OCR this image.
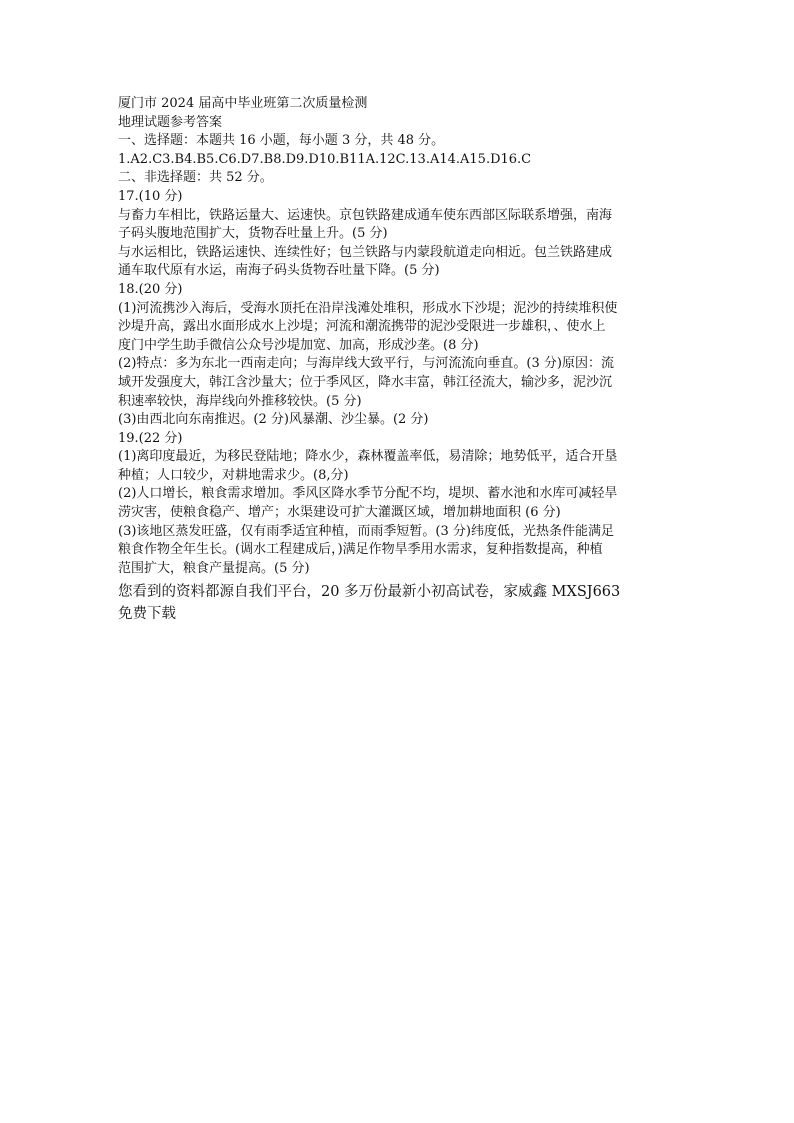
厦门市 2024 届高中毕业班第二次质量检测
地理试题参考答案
一、选择题：本题共 16 小题，每小题 3 分，共 48 分。
1.A2.C3.B4.B5.C6.D7.B8.D9.D10.B11A.12C.13.A14.A15.D16.C
二、非选择题：共 52 分。
17.(10 分)
与畜力车相比，铁路运量大、运速快。京包铁路建成通车使东西部区际联系增强，南海
子码头腹地范围扩大，货物吞吐量上升。(5 分)
与水运相比，铁路运速快、连续性好；包兰铁路与内蒙段航道走向相近。包兰铁路建成
通车取代原有水运，南海子码头货物吞吐量下降。(5 分)
18.(20 分)
(1)河流携沙入海后，受海水顶托在沿岸浅滩处堆积，形成水下沙堤；泥沙的持续堆积使
沙堤升高，露出水面形成水上沙堤；河流和潮流携带的泥沙受限进一步雄积，、使水上
度门中学生助手微信公众号沙堤加宽、加高，形成沙垄。(8 分)
(2)特点：多为东北一西南走向；与海岸线大致平行，与河流流向垂直。(3 分)原因：流
域开发强度大，韩江含沙量大；位于季风区，降水丰富，韩江径流大，输沙多，泥沙沉
积速率较快，海岸线向外推移较快。(5 分)
(3)由西北向东南推迟。(2 分)风暴潮、沙尘暴。(2 分)
19.(22 分)
(1)离印度最近，为移民登陆地；降水少，森林覆盖率低，易清除；地势低平，适合开垦
种植；人口较少，对耕地需求少。(8,分)
(2)人口增长，粮食需求增加。季风区降水季节分配不均，堤坝、蓄水池和水库可减轻旱
涝灾害，使粮食稳产、增产；水渠建设可扩大灌溉区域，增加耕地面积 (6 分)
(3)该地区蒸发旺盛，仅有雨季适宜种植，而雨季短暂。(3 分)纬度低，光热条件能满足
粮食作物全年生长。(调水工程建成后，)满足作物旱季用水需求，复种指数提高，种植
范围扩大，粮食产量提高。(5 分)
您看到的资料都源自我们平台，20 多万份最新小初高试卷，家威鑫 MXSJ663
免费下载
